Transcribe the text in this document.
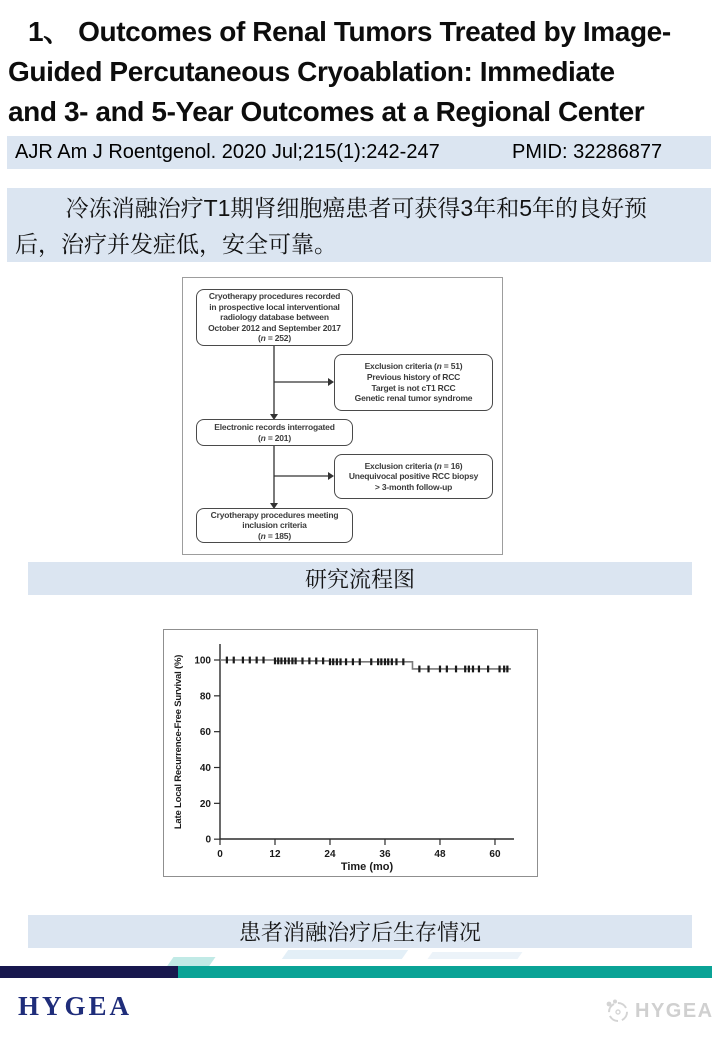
1、 Outcomes of Renal Tumors Treated by Image-
Guided Percutaneous Cryoablation: Immediate
and 3- and 5-Year Outcomes at a Regional Center
AJR Am J Roentgenol. 2020 Jul;215(1):242-247	PMID: 32286877
冷冻消融治疗T1期肾细胞癌患者可获得3年和5年的良好预
后，治疗并发症低，安全可靠。
Cryotherapy procedures recorded
in prospective local interventional
radiology database between
October 2012 and September 2017
(n = 252)
Exclusion criteria (n = 51)
Previous history of RCC
Target is not cT1 RCC
Genetic renal tumor syndrome
Electronic records interrogated
(n = 201)
Exclusion criteria (n = 16)
Unequivocal positive RCC biopsy
> 3-month follow-up
Cryotherapy procedures meeting
inclusion criteria
(n = 185)
研究流程图
0
20
40
60
80
100
0	12	24	36	48	60
Time (mo)
Late Local Recurrence-Free Survival (%)
患者消融治疗后生存情况
HYGEA	HYGEA
